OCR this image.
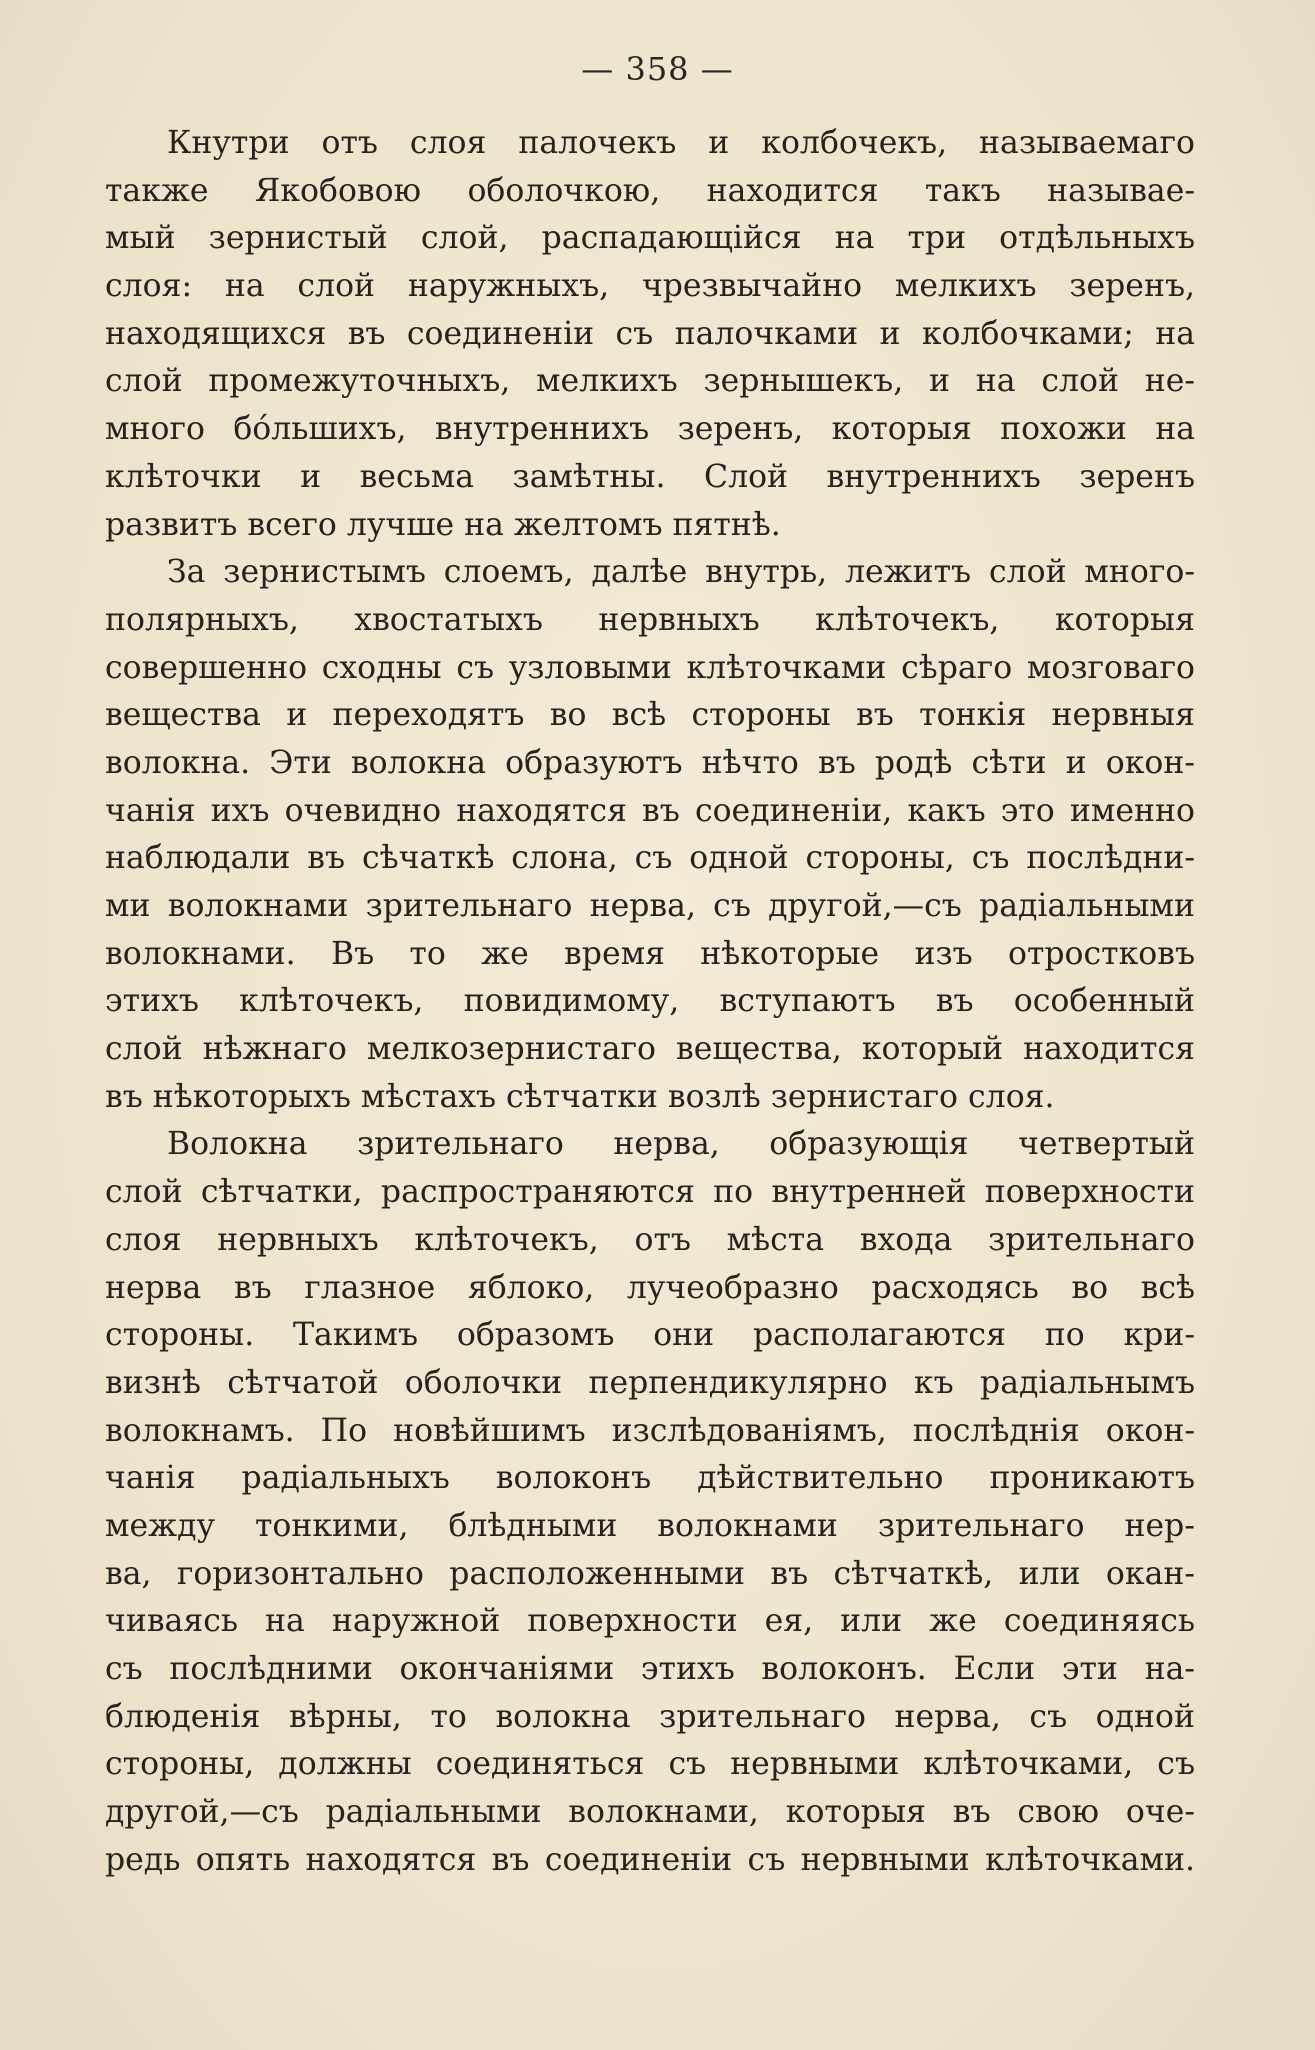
— 358 —
Кнутри отъ слоя палочекъ и колбочекъ, называемаго
также Якобовою оболочкою, находится такъ называе-
мый зернистый слой, распадающійся на три отдѣльныхъ
слоя: на слой наружныхъ, чрезвычайно мелкихъ зеренъ,
находящихся въ соединеніи съ палочками и колбочками; на
слой промежуточныхъ, мелкихъ зернышекъ, и на слой не-
много бо́льшихъ, внутреннихъ зеренъ, которыя похожи на
клѣточки и весьма замѣтны. Слой внутреннихъ зеренъ
развитъ всего лучше на желтомъ пятнѣ.
За зернистымъ слоемъ, далѣе внутрь, лежитъ слой много-
полярныхъ, хвостатыхъ нервныхъ клѣточекъ, которыя
совершенно сходны съ узловыми клѣточками сѣраго мозговаго
вещества и переходятъ во всѣ стороны въ тонкія нервныя
волокна. Эти волокна образуютъ нѣчто въ родѣ сѣти и окон-
чанія ихъ очевидно находятся въ соединеніи, какъ это именно
наблюдали въ сѣчаткѣ слона, съ одной стороны, съ послѣдни-
ми волокнами зрительнаго нерва, съ другой,—съ радіальными
волокнами. Въ то же время нѣкоторые изъ отростковъ
этихъ клѣточекъ, повидимому, вступаютъ въ особенный
слой нѣжнаго мелкозернистаго вещества, который находится
въ нѣкоторыхъ мѣстахъ сѣтчатки возлѣ зернистаго слоя.
Волокна зрительнаго нерва, образующія четвертый
слой сѣтчатки, распространяются по внутренней поверхности
слоя нервныхъ клѣточекъ, отъ мѣста входа зрительнаго
нерва въ глазное яблоко, лучеобразно расходясь во всѣ
стороны. Такимъ образомъ они располагаются по кри-
визнѣ сѣтчатой оболочки перпендикулярно къ радіальнымъ
волокнамъ. По новѣйшимъ изслѣдованіямъ, послѣднія окон-
чанія радіальныхъ волоконъ дѣйствительно проникаютъ
между тонкими, блѣдными волокнами зрительнаго нер-
ва, горизонтально расположенными въ сѣтчаткѣ, или окан-
чиваясь на наружной поверхности ея, или же соединяясь
съ послѣдними окончаніями этихъ волоконъ. Если эти на-
блюденія вѣрны, то волокна зрительнаго нерва, съ одной
стороны, должны соединяться съ нервными клѣточками, съ
другой,—съ радіальными волокнами, которыя въ свою оче-
редь опять находятся въ соединеніи съ нервными клѣточками.
